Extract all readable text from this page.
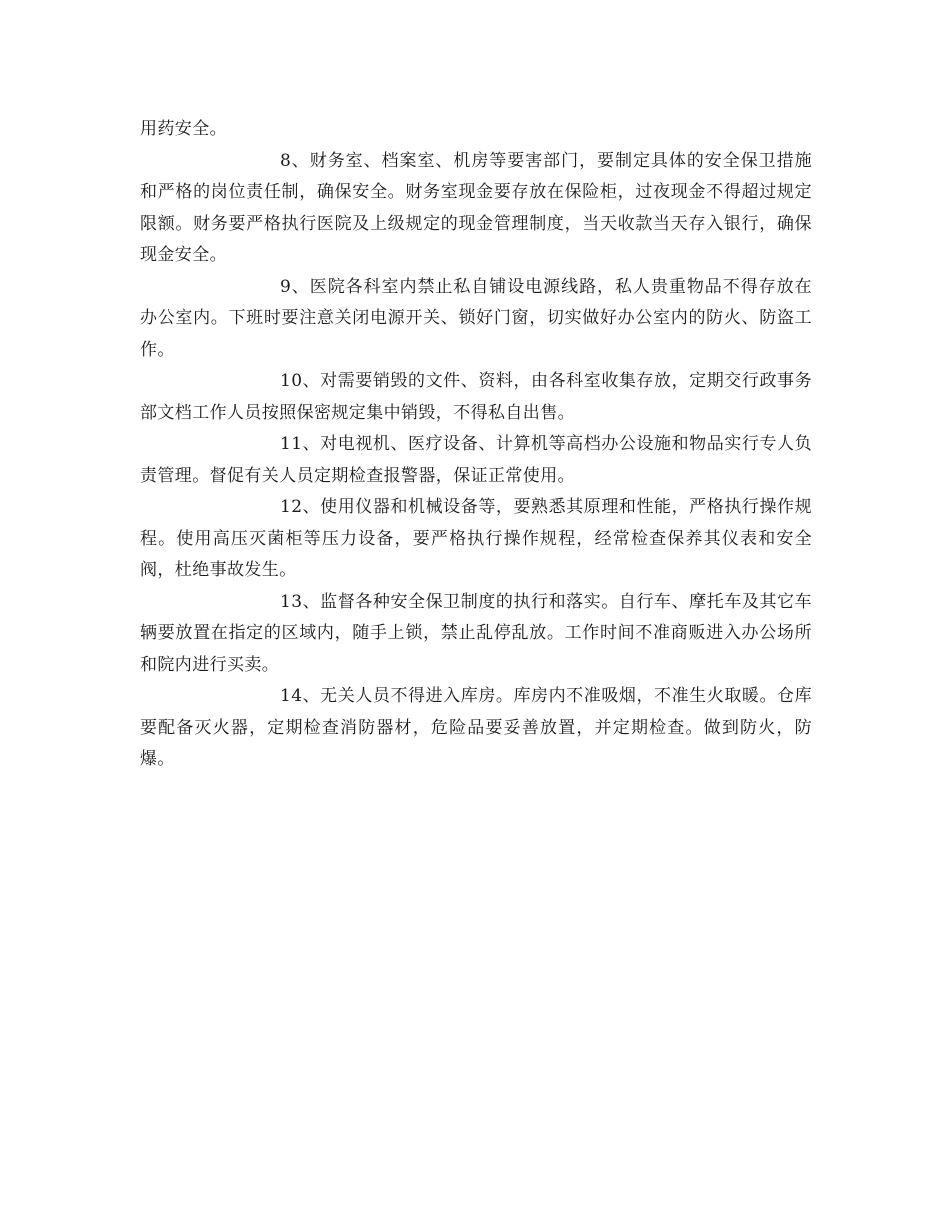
用药安全。

8、财务室、档案室、机房等要害部门，要制定具体的安全保卫措施和严格的岗位责任制，确保安全。财务室现金要存放在保险柜，过夜现金不得超过规定限额。财务要严格执行医院及上级规定的现金管理制度，当天收款当天存入银行，确保现金安全。

9、医院各科室内禁止私自铺设电源线路，私人贵重物品不得存放在办公室内。下班时要注意关闭电源开关、锁好门窗，切实做好办公室内的防火、防盗工作。

10、对需要销毁的文件、资料，由各科室收集存放，定期交行政事务部文档工作人员按照保密规定集中销毁，不得私自出售。

11、对电视机、医疗设备、计算机等高档办公设施和物品实行专人负责管理。督促有关人员定期检查报警器，保证正常使用。

12、使用仪器和机械设备等，要熟悉其原理和性能，严格执行操作规程。使用高压灭菌柜等压力设备，要严格执行操作规程，经常检查保养其仪表和安全阀，杜绝事故发生。

13、监督各种安全保卫制度的执行和落实。自行车、摩托车及其它车辆要放置在指定的区域内，随手上锁，禁止乱停乱放。工作时间不准商贩进入办公场所和院内进行买卖。

14、无关人员不得进入库房。库房内不准吸烟，不准生火取暖。仓库要配备灭火器，定期检查消防器材，危险品要妥善放置，并定期检查。做到防火，防爆。
